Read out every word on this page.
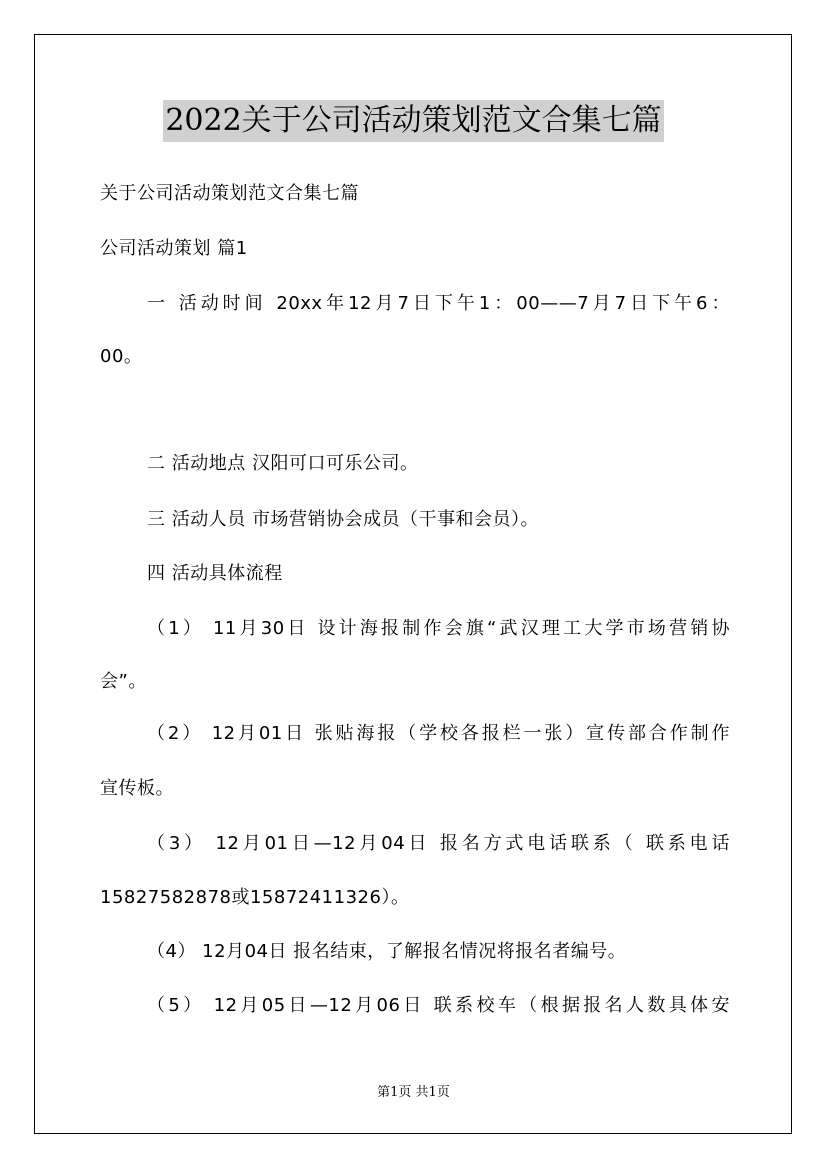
2022关于公司活动策划范文合集七篇
关于公司活动策划范文合集七篇
公司活动策划 篇1
一 活动时间 20xx年12月7日下午1：00——7月7日下午6：
00。
二 活动地点 汉阳可口可乐公司。
三 活动人员 市场营销协会成员（干事和会员）。
四 活动具体流程
（1） 11月30日 设计海报制作会旗“武汉理工大学市场营销协
会”。
（2） 12月01日 张贴海报（学校各报栏一张）宣传部合作制作
宣传板。
（3） 12月01日—12月04日 报名方式电话联系（ 联系电话
15827582878或15872411326）。
（4） 12月04日 报名结束，了解报名情况将报名者编号。
（5） 12月05日—12月06日 联系校车（根据报名人数具体安
第1页 共1页
